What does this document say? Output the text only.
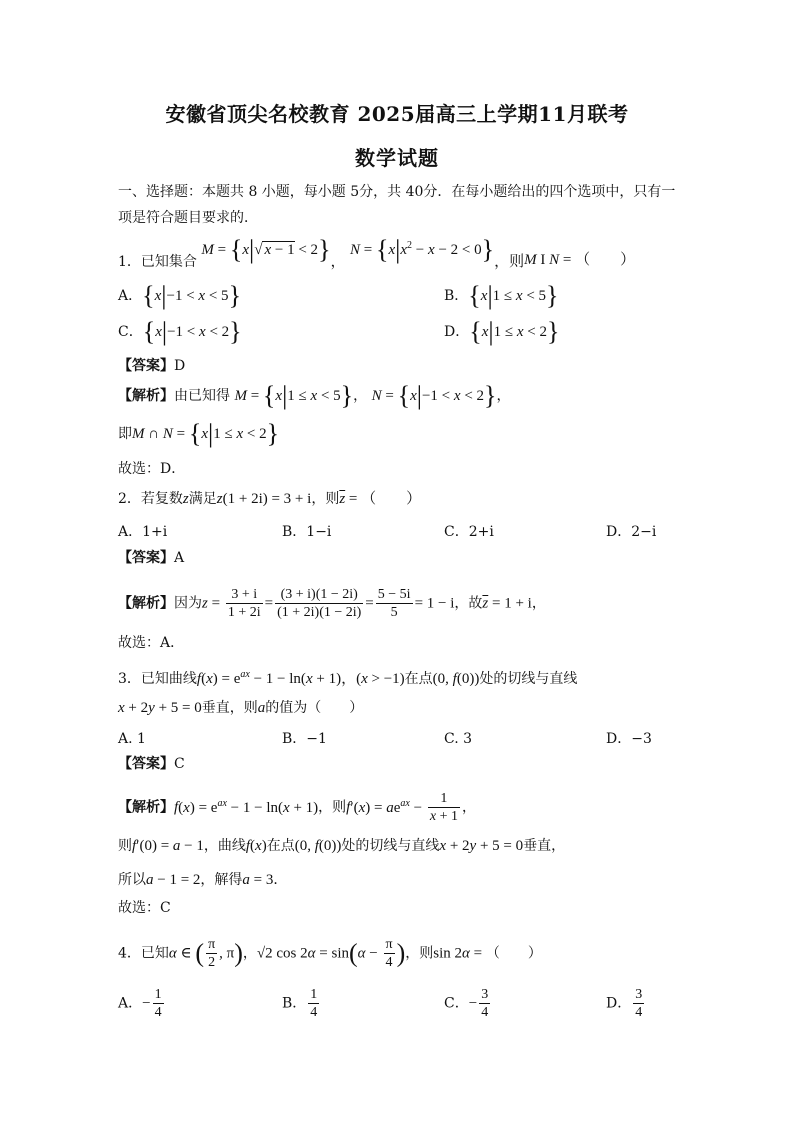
安徽省顶尖名校教育 2025届高三上学期11月联考
数学试题
一、选择题：本题共 8 小题，每小题 5分，共 40分．在每小题给出的四个选项中，只有一
项是符合题目要求的．
1．已知集合 M = {x|√ x − 1 < 2}， $N = \{x|x^2 - x - 2 < 0\}$，则M I N = （　　）
A．{x|−1 < x < 5}	B．{x|1 ≤ x < 5}
C．{x|−1 < x < 2}	D．{x|1 ≤ x < 2}
【答案】D
【解析】由已知得 M = {x|1 ≤ x < 5}， N = {x|−1 < x < 2}，
即M ∩ N = {x|1 ≤ x < 2}
故选：D．
2．若复数z满足z(1 + 2i) = 3 + i，则$\overline{z}$ = （　　）
A．1+i	B．1−i	C．2+i	D．2−i
【答案】A
【解析】因为$z = \frac{3 + i}{1 + 2i} = \frac{(3 + i)(1 - 2i)}{(1 + 2i)(1 - 2i)} = \frac{5 - 5i}{5} = 1 - i$，故$\overline{z} = 1 + i$，
故选：A．
3．已知曲线$f(x) = e^{ax} - 1 - \ln(x + 1)$，(x > −1)在点(0, f(0))处的切线与直线
x + 2y + 5 = 0垂直，则a的值为（　　）
A. 1	B．−1	C. 3	D．−3
【答案】C
【解析】$f(x) = e^{ax} - 1 - \ln(x + 1)$，则$f'(x) = ae^{ax} - \frac{1}{x + 1}$ ，
则f′(0) = a − 1，曲线f(x)在点(0, f(0))处的切线与直线x + 2y + 5 = 0垂直，
所以a − 1 = 2，解得a = 3．
故选：C
4．已知α ∈ ( $\frac{\pi}{2}$ , π)，√2 $\cos 2\alpha = \sin(\alpha - \frac{\pi}{4}$ )，则sin 2α = （　　）
A．− $\frac{1}{4}$	B． $\frac{1}{4}$	C．− $\frac{3}{4}$	D． $\frac{3}{4}$
